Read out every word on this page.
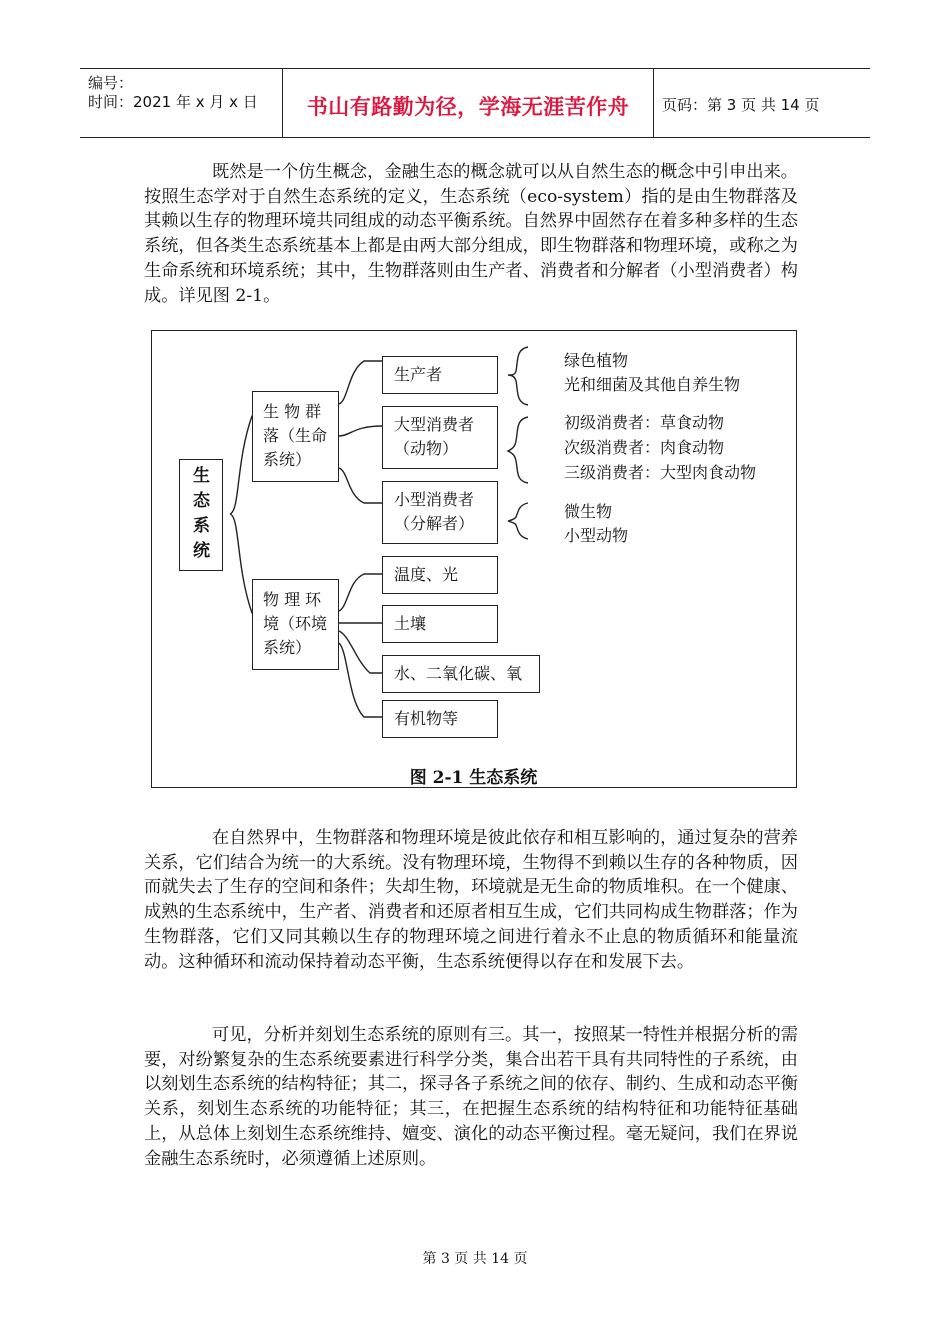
编号：
时间：2021 年 x 月 x 日	书山有路勤为径，学海无涯苦作舟	页码：第 3 页 共 14 页

既然是一个仿生概念，金融生态的概念就可以从自然生态的概念中引申出来。按照生态学对于自然生态系统的定义，生态系统（eco-system）指的是由生物群落及其赖以生存的物理环境共同组成的动态平衡系统。自然界中固然存在着多种多样的生态系统，但各类生态系统基本上都是由两大部分组成，即生物群落和物理环境，或称之为生命系统和环境系统；其中，生物群落则由生产者、消费者和分解者（小型消费者）构成。详见图 2-1。

生
态
系
统
生 物 群
落（生命
系统）
物 理 环
境（环境
系统）
生产者
大型消费者
（动物）
小型消费者
（分解者）
绿色植物
光和细菌及其他自养生物
初级消费者：草食动物
次级消费者：肉食动物
三级消费者：大型肉食动物
微生物
小型动物
温度、光
土壤
水、二氧化碳、氧
有机物等
图 2-1 生态系统

在自然界中，生物群落和物理环境是彼此依存和相互影响的，通过复杂的营养关系，它们结合为统一的大系统。没有物理环境，生物得不到赖以生存的各种物质，因而就失去了生存的空间和条件；失却生物，环境就是无生命的物质堆积。在一个健康、成熟的生态系统中，生产者、消费者和还原者相互生成，它们共同构成生物群落；作为生物群落，它们又同其赖以生存的物理环境之间进行着永不止息的物质循环和能量流动。这种循环和流动保持着动态平衡，生态系统便得以存在和发展下去。

可见，分析并刻划生态系统的原则有三。其一，按照某一特性并根据分析的需要，对纷繁复杂的生态系统要素进行科学分类，集合出若干具有共同特性的子系统，由以刻划生态系统的结构特征；其二，探寻各子系统之间的依存、制约、生成和动态平衡关系，刻划生态系统的功能特征；其三，在把握生态系统的结构特征和功能特征基础上，从总体上刻划生态系统维持、嬗变、演化的动态平衡过程。毫无疑问，我们在界说金融生态系统时，必须遵循上述原则。

第 3 页 共 14 页
